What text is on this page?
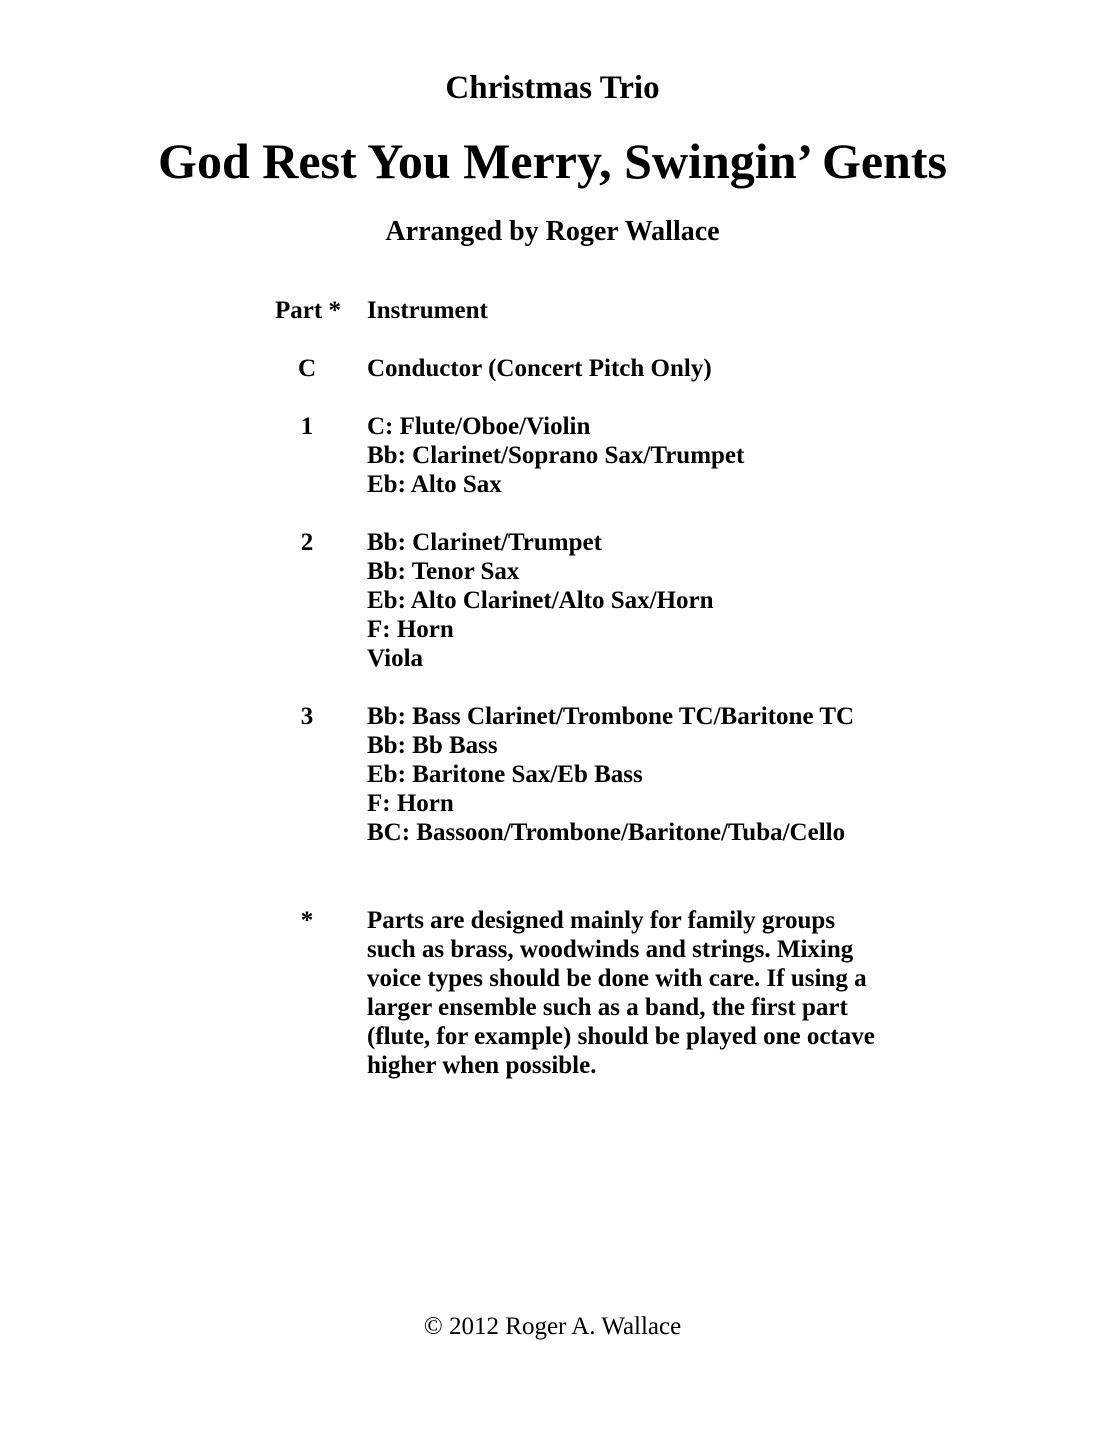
Christmas Trio
God Rest You Merry, Swingin’ Gents
Arranged by Roger Wallace
Part *	Instrument
C	Conductor (Concert Pitch Only)
1	C: Flute/Oboe/Violin
Bb: Clarinet/Soprano Sax/Trumpet
Eb: Alto Sax
2	Bb: Clarinet/Trumpet
Bb: Tenor Sax
Eb: Alto Clarinet/Alto Sax/Horn
F: Horn
Viola
3	Bb: Bass Clarinet/Trombone TC/Baritone TC
Bb: Bb Bass
Eb: Baritone Sax/Eb Bass
F: Horn
BC: Bassoon/Trombone/Baritone/Tuba/Cello
*	Parts are designed mainly for family groups
such as brass, woodwinds and strings. Mixing
voice types should be done with care. If using a
larger ensemble such as a band, the first part
(flute, for example) should be played one octave
higher when possible.
© 2012 Roger A. Wallace
